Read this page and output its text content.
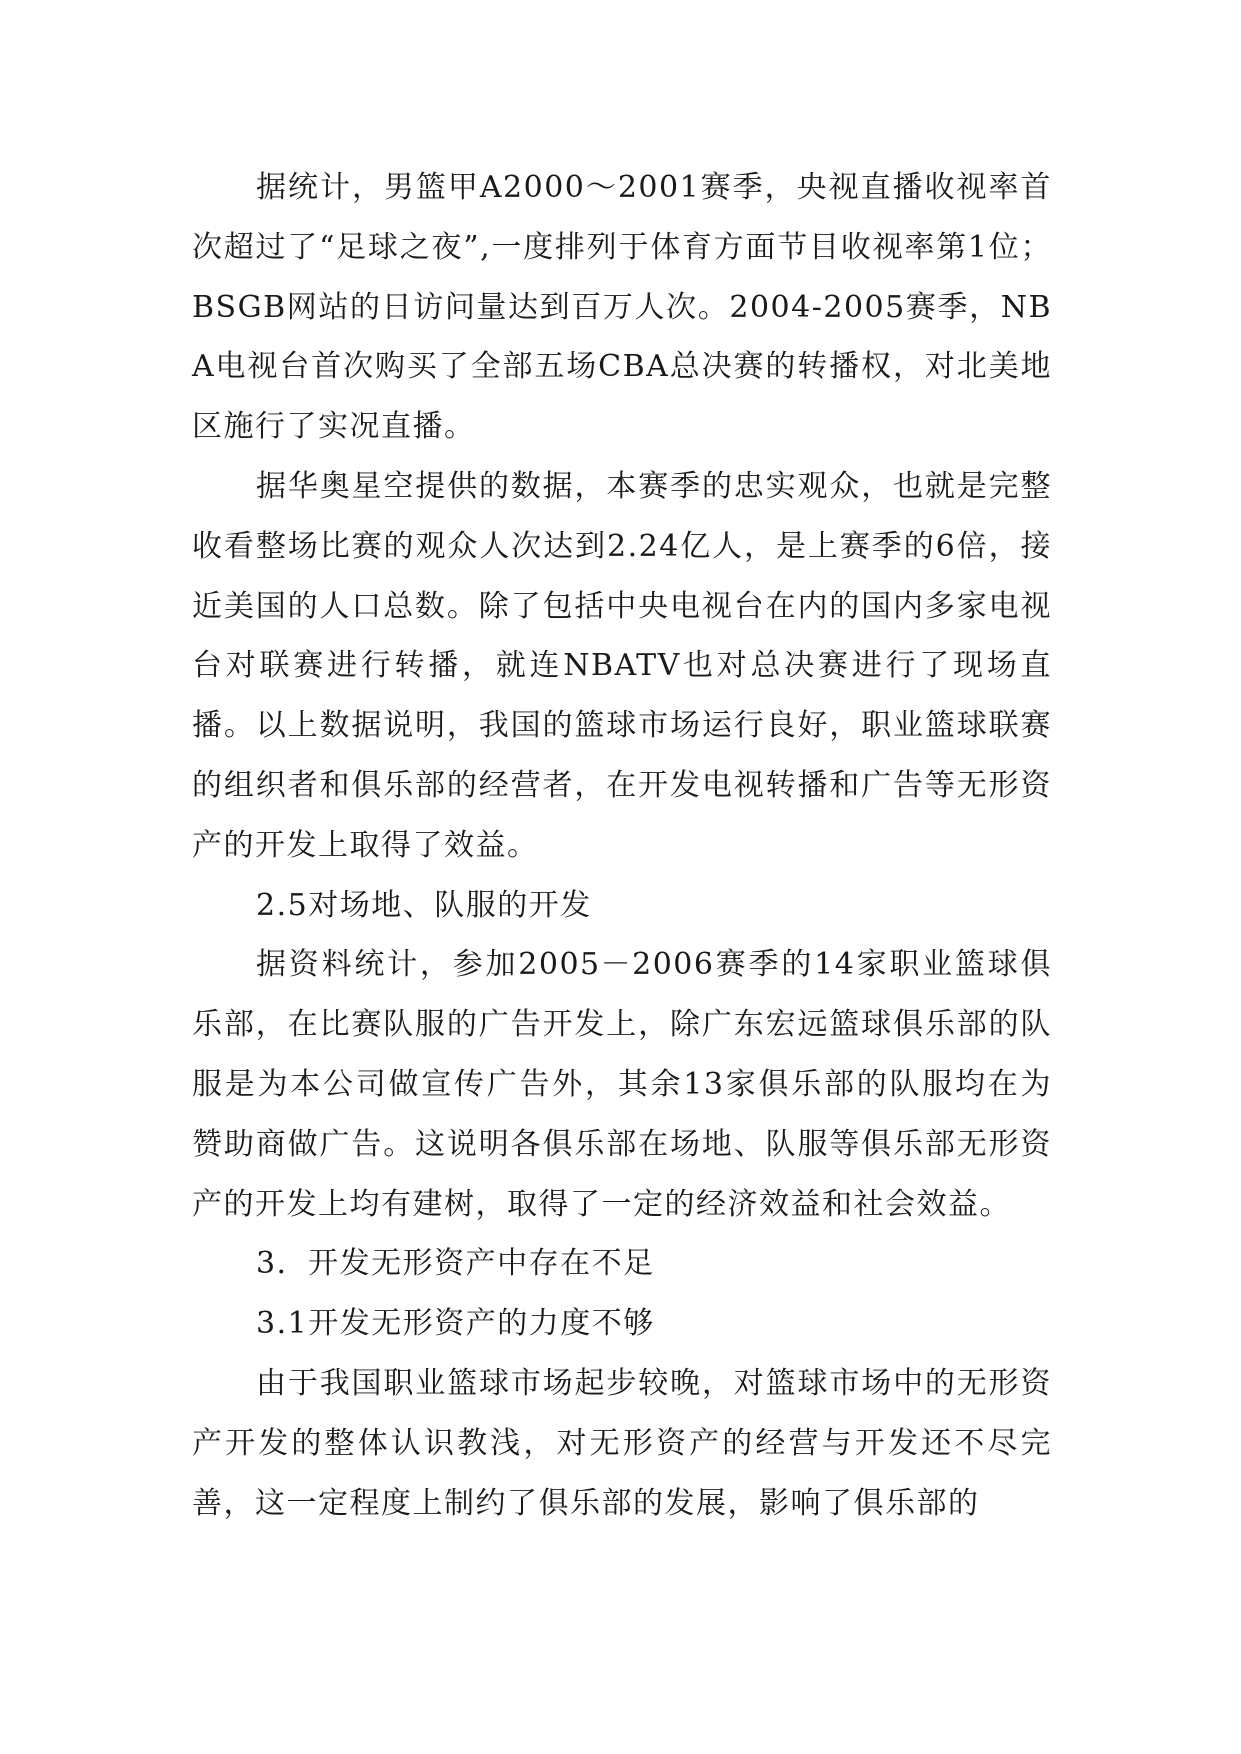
据统计，男篮甲A2000～2001赛季，央视直播收视率首次超过了“足球之夜”,一度排列于体育方面节目收视率第1位；BSGB网站的日访问量达到百万人次。2004-2005赛季，NBA电视台首次购买了全部五场CBA总决赛的转播权，对北美地区施行了实况直播。

据华奥星空提供的数据，本赛季的忠实观众，也就是完整收看整场比赛的观众人次达到2.24亿人，是上赛季的6倍，接近美国的人口总数。除了包括中央电视台在内的国内多家电视台对联赛进行转播，就连NBATV也对总决赛进行了现场直播。以上数据说明，我国的篮球市场运行良好，职业篮球联赛的组织者和俱乐部的经营者，在开发电视转播和广告等无形资产的开发上取得了效益。

2.5对场地、队服的开发

据资料统计，参加2005－2006赛季的14家职业篮球俱乐部，在比赛队服的广告开发上，除广东宏远篮球俱乐部的队服是为本公司做宣传广告外，其余13家俱乐部的队服均在为赞助商做广告。这说明各俱乐部在场地、队服等俱乐部无形资产的开发上均有建树，取得了一定的经济效益和社会效益。

3．开发无形资产中存在不足

3.1开发无形资产的力度不够

由于我国职业篮球市场起步较晚，对篮球市场中的无形资产开发的整体认识教浅，对无形资产的经营与开发还不尽完善，这一定程度上制约了俱乐部的发展，影响了俱乐部的
